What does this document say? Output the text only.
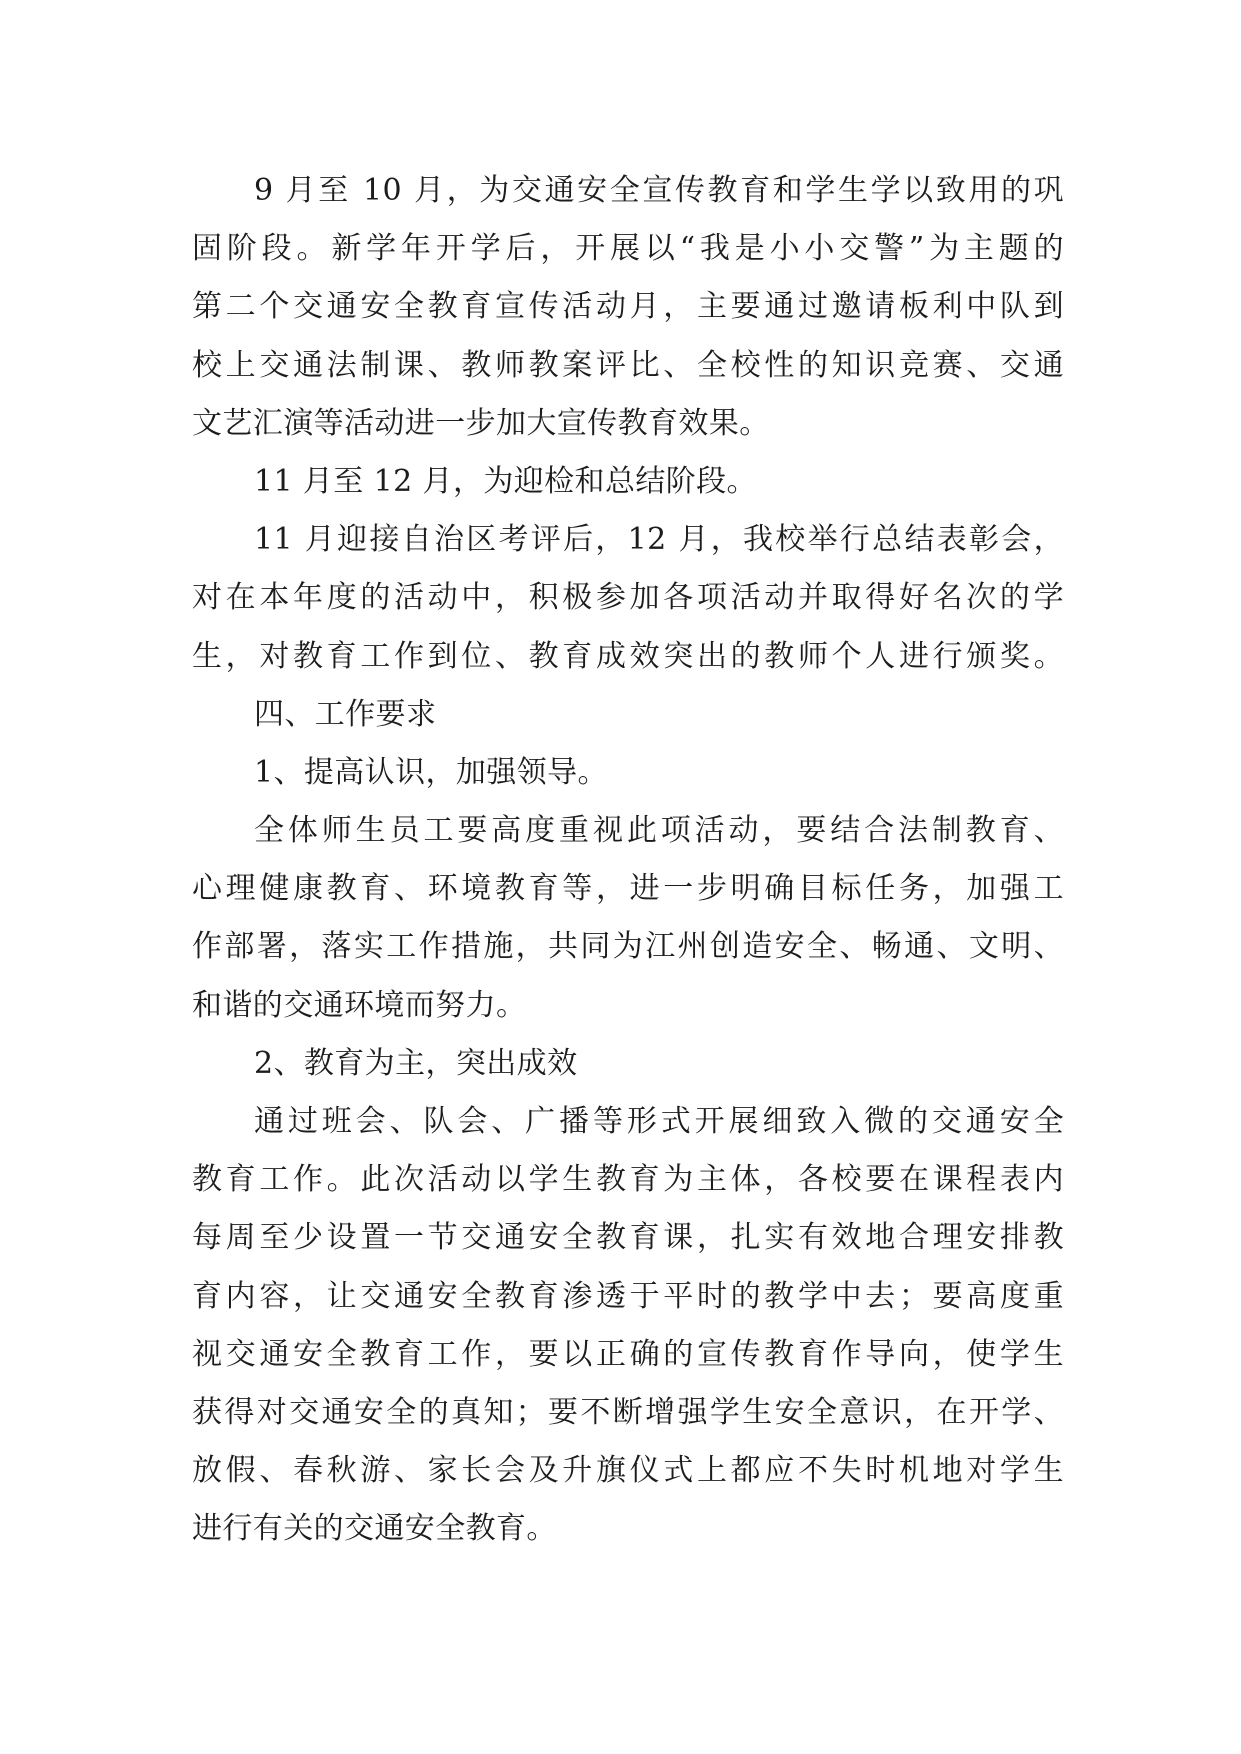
9 月至 10 月，为交通安全宣传教育和学生学以致用的巩
固阶段。新学年开学后，开展以“我是小小交警”为主题的
第二个交通安全教育宣传活动月，主要通过邀请板利中队到
校上交通法制课、教师教案评比、全校性的知识竞赛、交通
文艺汇演等活动进一步加大宣传教育效果。
11 月至 12 月，为迎检和总结阶段。
11 月迎接自治区考评后，12 月，我校举行总结表彰会，
对在本年度的活动中，积极参加各项活动并取得好名次的学
生，对教育工作到位、教育成效突出的教师个人进行颁奖。
四、工作要求
1、提高认识，加强领导。
全体师生员工要高度重视此项活动，要结合法制教育、
心理健康教育、环境教育等，进一步明确目标任务，加强工
作部署，落实工作措施，共同为江州创造安全、畅通、文明、
和谐的交通环境而努力。
2、教育为主，突出成效
通过班会、队会、广播等形式开展细致入微的交通安全
教育工作。此次活动以学生教育为主体，各校要在课程表内
每周至少设置一节交通安全教育课，扎实有效地合理安排教
育内容，让交通安全教育渗透于平时的教学中去；要高度重
视交通安全教育工作，要以正确的宣传教育作导向，使学生
获得对交通安全的真知；要不断增强学生安全意识，在开学、
放假、春秋游、家长会及升旗仪式上都应不失时机地对学生
进行有关的交通安全教育。
